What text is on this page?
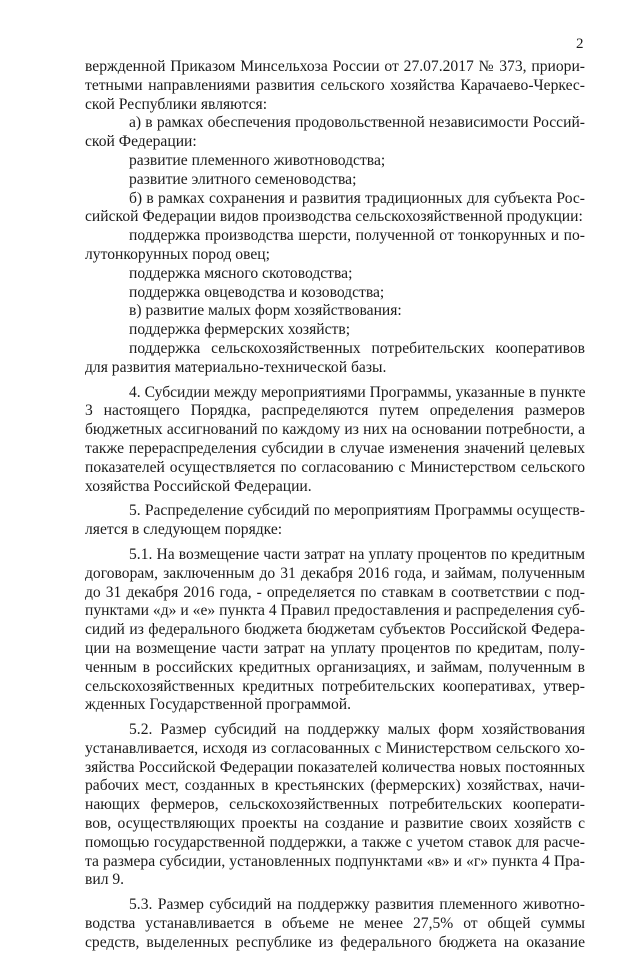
2
вержденной Приказом Минсельхоза России от 27.07.2017 № 373, приори-
тетными направлениями развития сельского хозяйства Карачаево-Черкес-
ской Республики являются:
а) в рамках обеспечения продовольственной независимости Россий-
ской Федерации:
развитие племенного животноводства;
развитие элитного семеноводства;
б) в рамках сохранения и развития традиционных для субъекта Рос-
сийской Федерации видов производства сельскохозяйственной продукции:
поддержка производства шерсти, полученной от тонкорунных и по-
лутонкорунных пород овец;
поддержка мясного скотоводства;
поддержка овцеводства и козоводства;
в) развитие малых форм хозяйствования:
поддержка фермерских хозяйств;
поддержка сельскохозяйственных потребительских кооперативов
для развития материально-технической базы.
4. Субсидии между мероприятиями Программы, указанные в пункте
3 настоящего Порядка, распределяются путем определения размеров
бюджетных ассигнований по каждому из них на основании потребности, а
также перераспределения субсидии в случае изменения значений целевых
показателей осуществляется по согласованию с Министерством сельского
хозяйства Российской Федерации.
5. Распределение субсидий по мероприятиям Программы осуществ-
ляется в следующем порядке:
5.1. На возмещение части затрат на уплату процентов по кредитным
договорам, заключенным до 31 декабря 2016 года, и займам, полученным
до 31 декабря 2016 года, - определяется по ставкам в соответствии с под-
пунктами «д» и «е» пункта 4 Правил предоставления и распределения суб-
сидий из федерального бюджета бюджетам субъектов Российской Федера-
ции на возмещение части затрат на уплату процентов по кредитам, полу-
ченным в российских кредитных организациях, и займам, полученным в
сельскохозяйственных кредитных потребительских кооперативах, утвер-
жденных Государственной программой.
5.2. Размер субсидий на поддержку малых форм хозяйствования
устанавливается, исходя из согласованных с Министерством сельского хо-
зяйства Российской Федерации показателей количества новых постоянных
рабочих мест, созданных в крестьянских (фермерских) хозяйствах, начи-
нающих фермеров, сельскохозяйственных потребительских кооперати-
вов, осуществляющих проекты на создание и развитие своих хозяйств с
помощью государственной поддержки, а также с учетом ставок для расче-
та размера субсидии, установленных подпунктами «в» и «г» пункта 4 Пра-
вил 9.
5.3. Размер субсидий на поддержку развития племенного животно-
водства устанавливается в объеме не менее 27,5% от общей суммы
средств, выделенных республике из федерального бюджета на оказание
